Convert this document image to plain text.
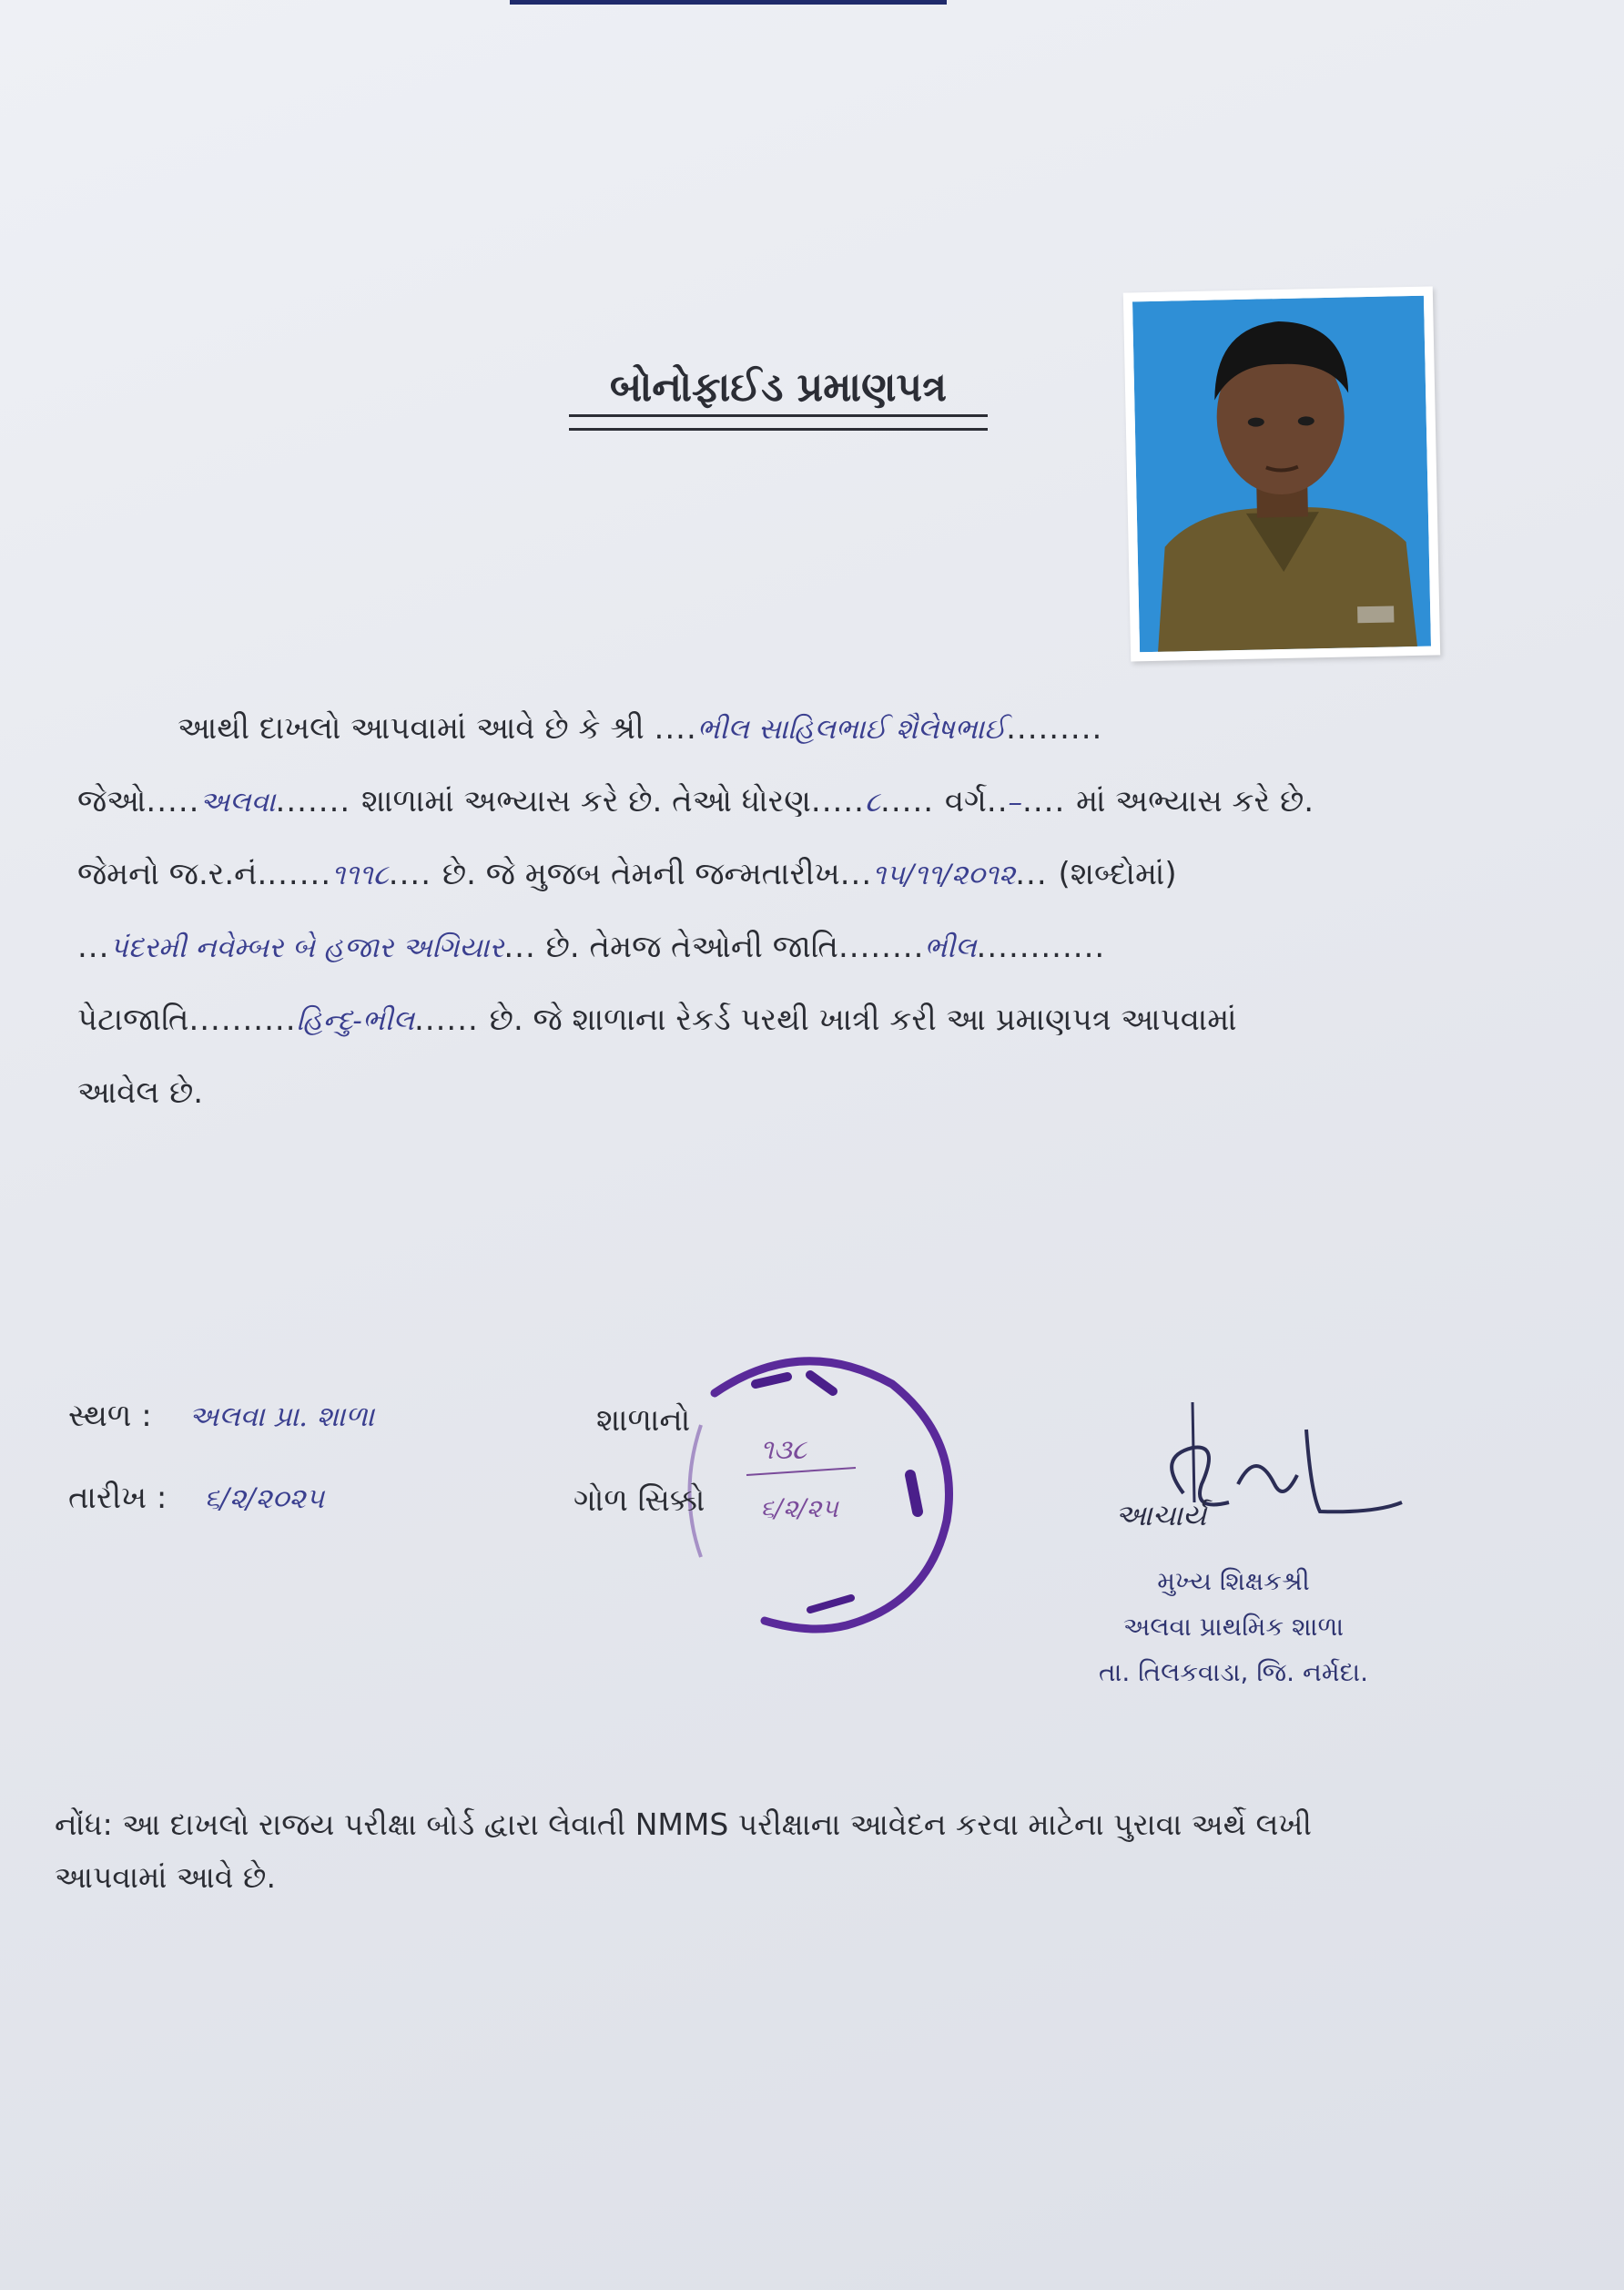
બોનોફાઈડ પ્રમાણપત્ર
આથી દાખલો આપવામાં આવે છે કે શ્રી ....ભીલ સાહિલભાઈ શૈલેષભાઈ.........
જેઓ.....અલવા....... શાળામાં અભ્યાસ કરે છે. તેઓ ધોરણ.....૮..... વર્ગ..–.... માં અભ્યાસ કરે છે.
જેમનો જ.ર.નં.......૧૧૧૮.... છે. જે મુજબ તેમની જન્મતારીખ...૧૫/૧૧/૨૦૧૨... (શબ્દોમાં)
...પંદરમી નવેમ્બર બે હજાર અગિયાર... છે. તેમજ તેઓની જાતિ........ભીલ............
પેટાજાતિ..........હિન્દુ-ભીલ...... છે. જે શાળાના રેકર્ડ પરથી ખાત્રી કરી આ પ્રમાણપત્ર આપવામાં
આવેલ છે.
સ્થળ : અલવા પ્રા. શાળા
તારીખ : ૬/૨/૨૦૨૫
શાળાનો
ગોળ સિક્કો
૧૩૮
૬/૨/૨૫	આચાર્ય
મુખ્ય શિક્ષકશ્રી
અલવા પ્રાથમિક શાળા
તા. તિલકવાડા, જિ. નર્મદા.
નોંધ: આ દાખલો રાજય પરીક્ષા બોર્ડ દ્વારા લેવાતી NMMS પરીક્ષાના આવેદન કરવા માટેના પુરાવા અર્થે લખી આપવામાં આવે છે.
